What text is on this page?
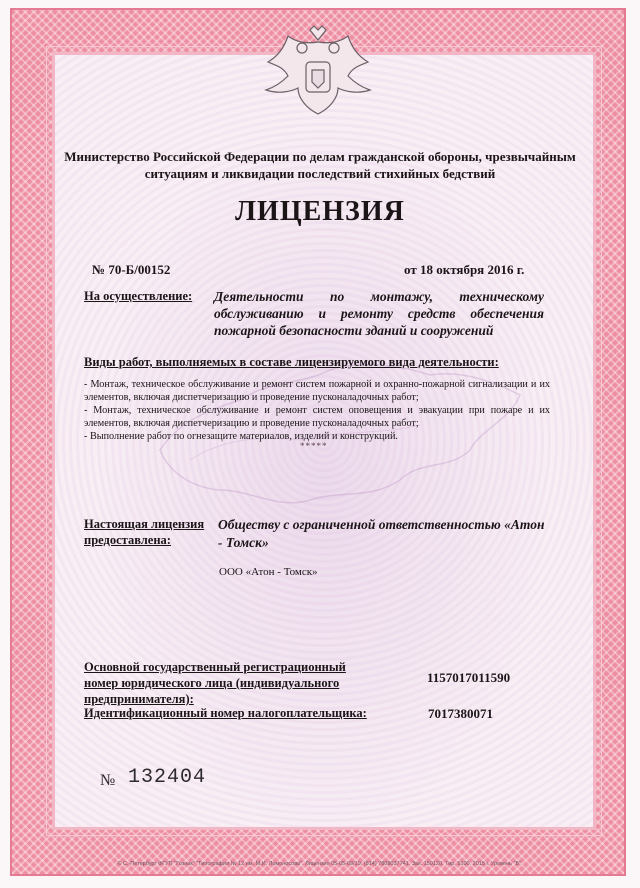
Министерство Российской Федерации по делам гражданской обороны, чрезвычайным ситуациям и ликвидации последствий стихийных бедствий
ЛИЦЕНЗИЯ
№ 70-Б/00152	от 18 октября 2016 г.
На осуществление: Деятельности по монтажу, техническому обслуживанию и ремонту средств обеспечения пожарной безопасности зданий и сооружений
Виды работ, выполняемых в составе лицензируемого вида деятельности:
- Монтаж, техническое обслуживание и ремонт систем пожарной и охранно-пожарной сигнализации и их элементов, включая диспетчеризацию и проведение пусконаладочных работ;
- Монтаж, техническое обслуживание и ремонт систем оповещения и эвакуации при пожаре и их элементов, включая диспетчеризацию и проведение пусконаладочных работ;
- Выполнение работ по огнезащите материалов, изделий и конструкций.
*****
Настоящая лицензия
предоставлена:
Обществу с ограниченной ответственностью «Атон - Томск»
ООО «Атон - Томск»
Основной государственный регистрационный номер юридического лица (индивидуального предпринимателя):
1157017011590
Идентификационный номер налогоплательщика:	7017380071
№ 132404
© С.-Петербург ФГУП "Гознак" "Типография № 12 им. М.И. Ломоносова". Лицензия 05-05-09/19. (814) 7808037741. Зак. 150120. Тир. 5100. 2015 г. Уровень "Б".
